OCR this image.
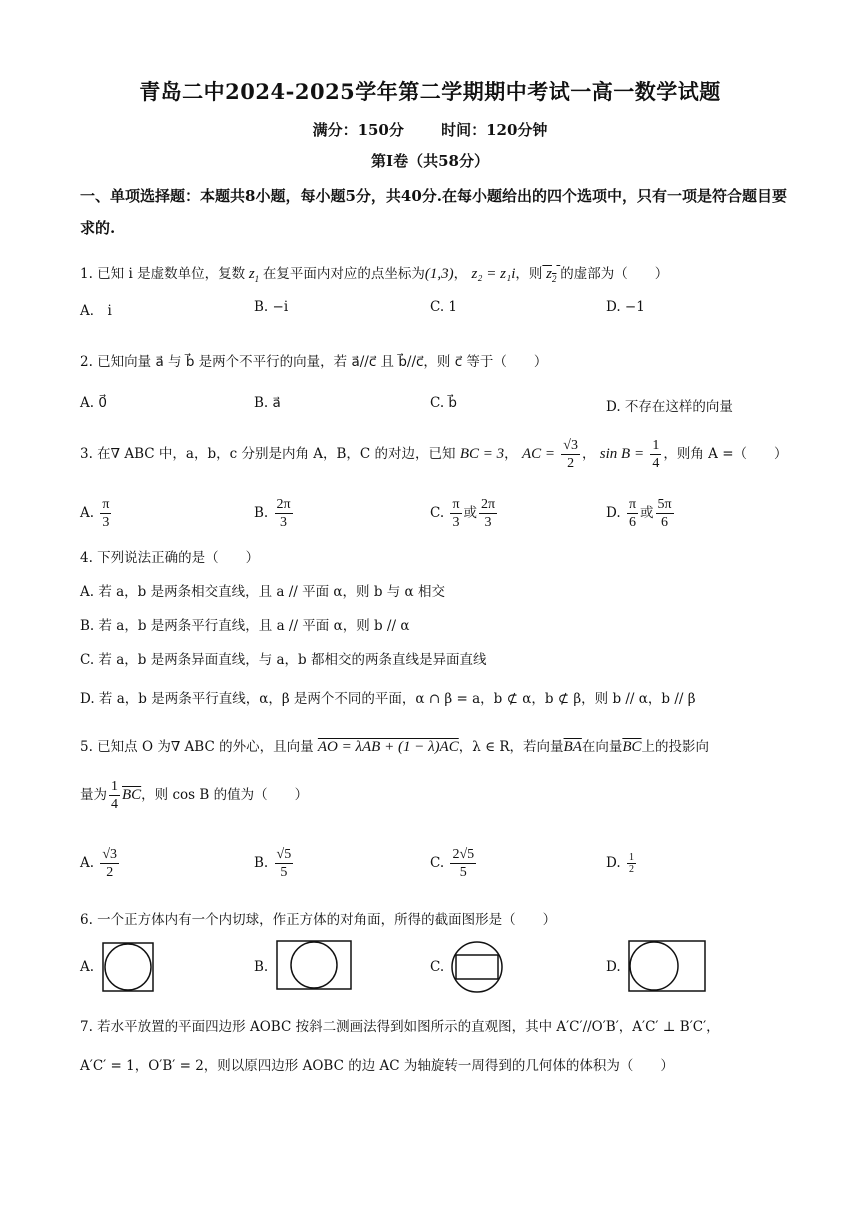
青岛二中2024-2025学年第二学期期中考试一高一数学试题
满分：150分 时间：120分钟
第I卷（共58分）
一、单项选择题：本题共8小题，每小题5分，共40分.在每小题给出的四个选项中，只有一项是符合题目要求的.
1. 已知 i 是虚数单位，复数 $z_1$ 在复平面内对应的点坐标为(1,3)， z₂ = z₁i，则 $z_2$ 的虚部为（　　）
A． i	B. −i	C. 1	D. −1
2. 已知向量 a⃗ 与 b⃗ 是两个不平行的向量，若 a⃗//c⃗ 且 b⃗//c⃗，则 c⃗ 等于（　　）
A. 0⃗	B. a⃗	C. b⃗	D. 不存在这样的向量
3. 在∇ ABC 中，a，b，c 分别是内角 A，B，C 的对边，已知 BC = 3， AC = $\frac{√3}{2}$ ， $\sin B = \frac{1}{4}$ ，则角 A =（　　）
A. $\frac{\pi}{3}$	B. $\frac{2\pi}{3}$	C. $\frac{\pi}{3}$ 或 $\frac{2\pi}{3}$	D. $\frac{\pi}{6}$ 或 $\frac{5\pi}{6}$
4. 下列说法正确的是（　　）
A. 若 a，b 是两条相交直线，且 a // 平面 α，则 b 与 α 相交
B. 若 a，b 是两条平行直线，且 a // 平面 α，则 b // α
C. 若 a，b 是两条异面直线，与 a，b 都相交的两条直线是异面直线
D. 若 a，b 是两条平行直线，α，β 是两个不同的平面，α ∩ β = a，b ⊄ α，b ⊄ β，则 b // α，b // β
5. 已知点 O 为∇ ABC 的外心，且向量 AO = λAB + (1 − λ)AC，λ ∈ R，若向量$\overline{BA}$在向量$\overline{BC}$上的投影向
量为 $\frac{1}{4} \overline{BC}$，则 cos B 的值为（　　）
A. $\frac{√3}{2}$	B. $\frac{√5}{5}$	C. $\frac{2√5}{5}$	D. $\frac{1}{2}$
6. 一个正方体内有一个内切球，作正方体的对角面，所得的截面图形是（　　）
A.	B.	C.	D.
7. 若水平放置的平面四边形 AOBC 按斜二测画法得到如图所示的直观图，其中 A′C′//O′B′，A′C′ ⊥ B′C′，
A′C′ = 1，O′B′ = 2，则以原四边形 AOBC 的边 AC 为轴旋转一周得到的几何体的体积为（　　）
